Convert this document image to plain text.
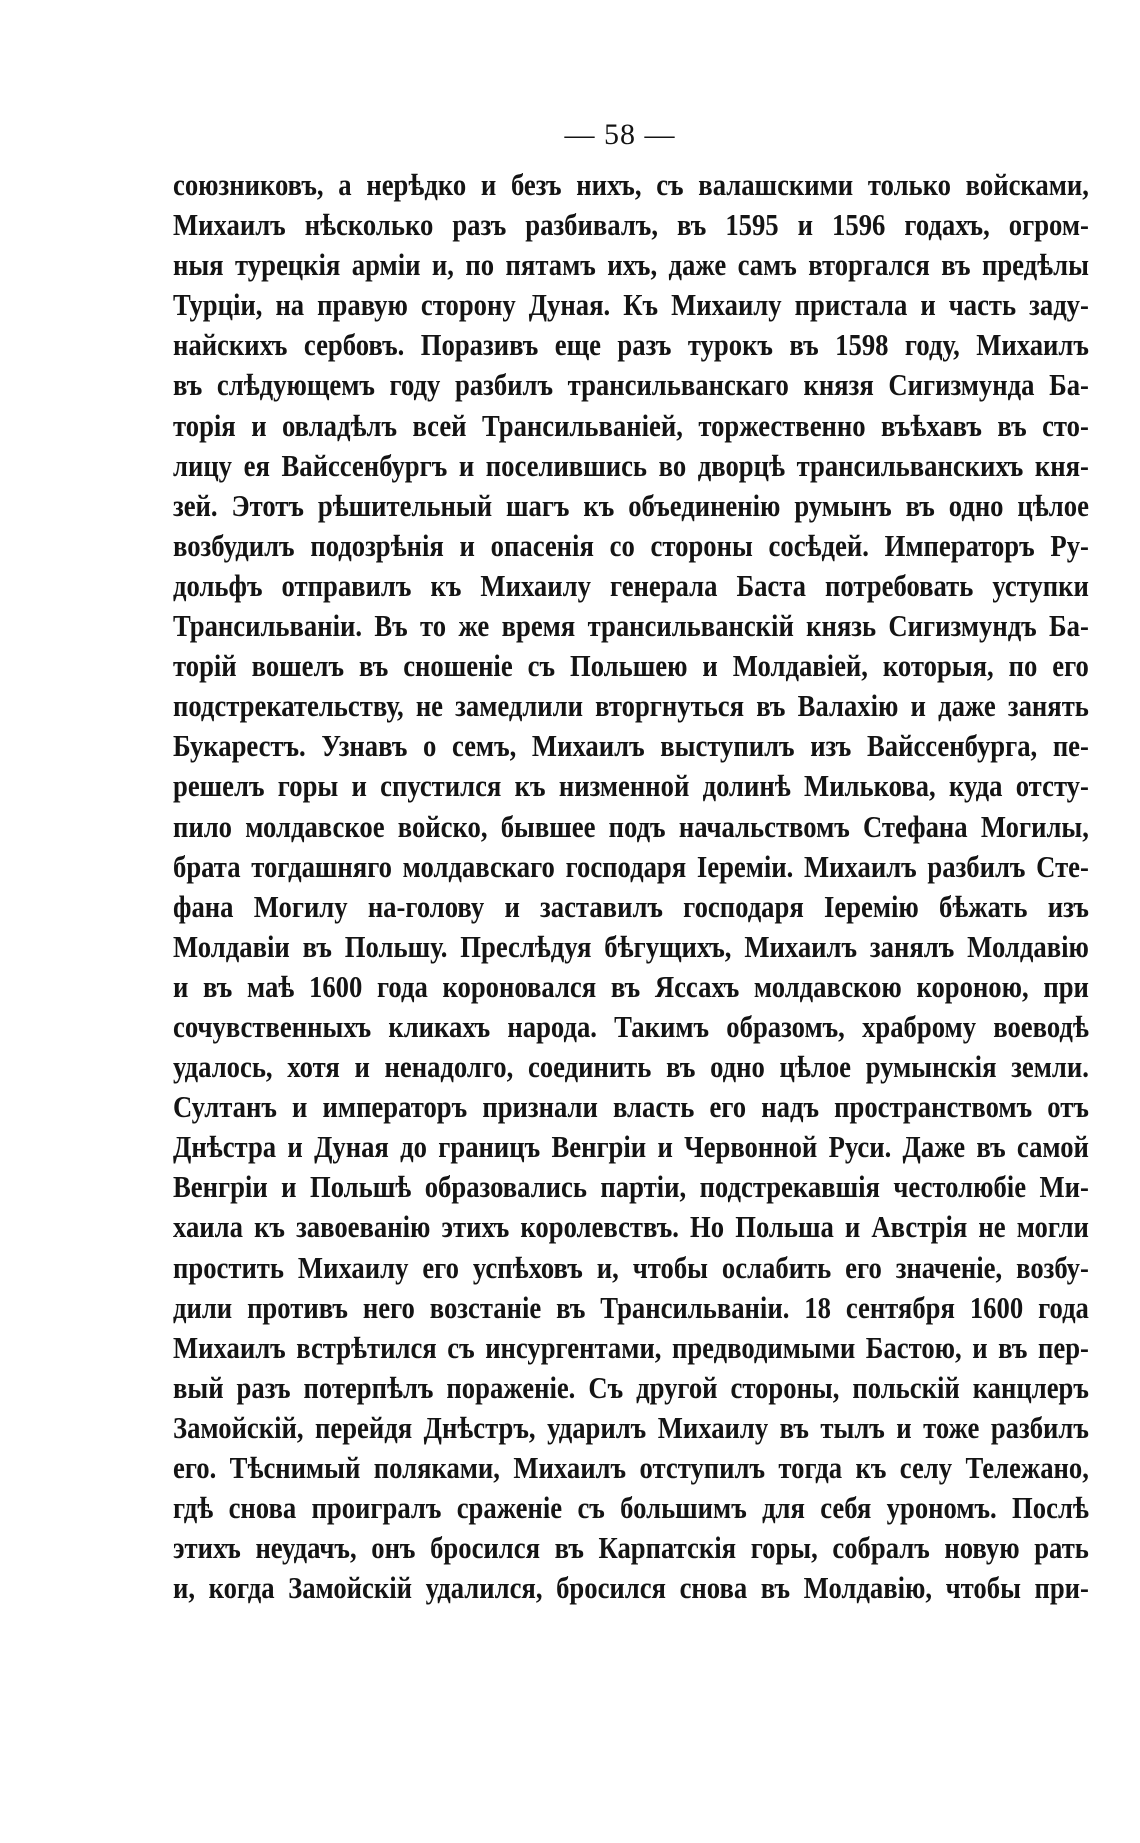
— 58 —
союзниковъ, а нерѣдко и безъ нихъ, съ валашскими только войсками,
Михаилъ нѣсколько разъ разбивалъ, въ 1595 и 1596 годахъ, огром-
ныя турецкія арміи и, по пятамъ ихъ, даже самъ вторгался въ предѣлы
Турціи, на правую сторону Дуная. Къ Михаилу пристала и часть заду-
найскихъ сербовъ. Поразивъ еще разъ турокъ въ 1598 году, Михаилъ
въ слѣдующемъ году разбилъ трансильванскаго князя Сигизмунда Ба-
торія и овладѣлъ всей Трансильваніей, торжественно въѣхавъ въ сто-
лицу ея Вайссенбургъ и поселившись во дворцѣ трансильванскихъ кня-
зей. Этотъ рѣшительный шагъ къ объединенію румынъ въ одно цѣлое
возбудилъ подозрѣнія и опасенія со стороны сосѣдей. Императоръ Ру-
дольфъ отправилъ къ Михаилу генерала Баста потребовать уступки
Трансильваніи. Въ то же время трансильванскій князь Сигизмундъ Ба-
торій вошелъ въ сношеніе съ Польшею и Молдавіей, которыя, по его
подстрекательству, не замедлили вторгнуться въ Валахію и даже занять
Букарестъ. Узнавъ о семъ, Михаилъ выступилъ изъ Вайссенбурга, пе-
решелъ горы и спустился къ низменной долинѣ Милькова, куда отсту-
пило молдавское войско, бывшее подъ начальствомъ Стефана Могилы,
брата тогдашняго молдавскаго господаря Іереміи. Михаилъ разбилъ Сте-
фана Могилу на-голову и заставилъ господаря Іеремію бѣжать изъ
Молдавіи въ Польшу. Преслѣдуя бѣгущихъ, Михаилъ занялъ Молдавію
и въ маѣ 1600 года короновался въ Яссахъ молдавскою короною, при
сочувственныхъ кликахъ народа. Такимъ образомъ, храброму воеводѣ
удалось, хотя и ненадолго, соединить въ одно цѣлое румынскія земли.
Султанъ и императоръ признали власть его надъ пространствомъ отъ
Днѣстра и Дуная до границъ Венгріи и Червонной Руси. Даже въ самой
Венгріи и Польшѣ образовались партіи, подстрекавшія честолюбіе Ми-
хаила къ завоеванію этихъ королевствъ. Но Польша и Австрія не могли
простить Михаилу его успѣховъ и, чтобы ослабить его значеніе, возбу-
дили противъ него возстаніе въ Трансильваніи. 18 сентября 1600 года
Михаилъ встрѣтился съ инсургентами, предводимыми Бастою, и въ пер-
вый разъ потерпѣлъ пораженіе. Съ другой стороны, польскій канцлеръ
Замойскій, перейдя Днѣстръ, ударилъ Михаилу въ тылъ и тоже разбилъ
его. Тѣснимый поляками, Михаилъ отступилъ тогда къ селу Тележано,
гдѣ снова проигралъ сраженіе съ большимъ для себя урономъ. Послѣ
этихъ неудачъ, онъ бросился въ Карпатскія горы, собралъ новую рать
и, когда Замойскій удалился, бросился снова въ Молдавію, чтобы при-
